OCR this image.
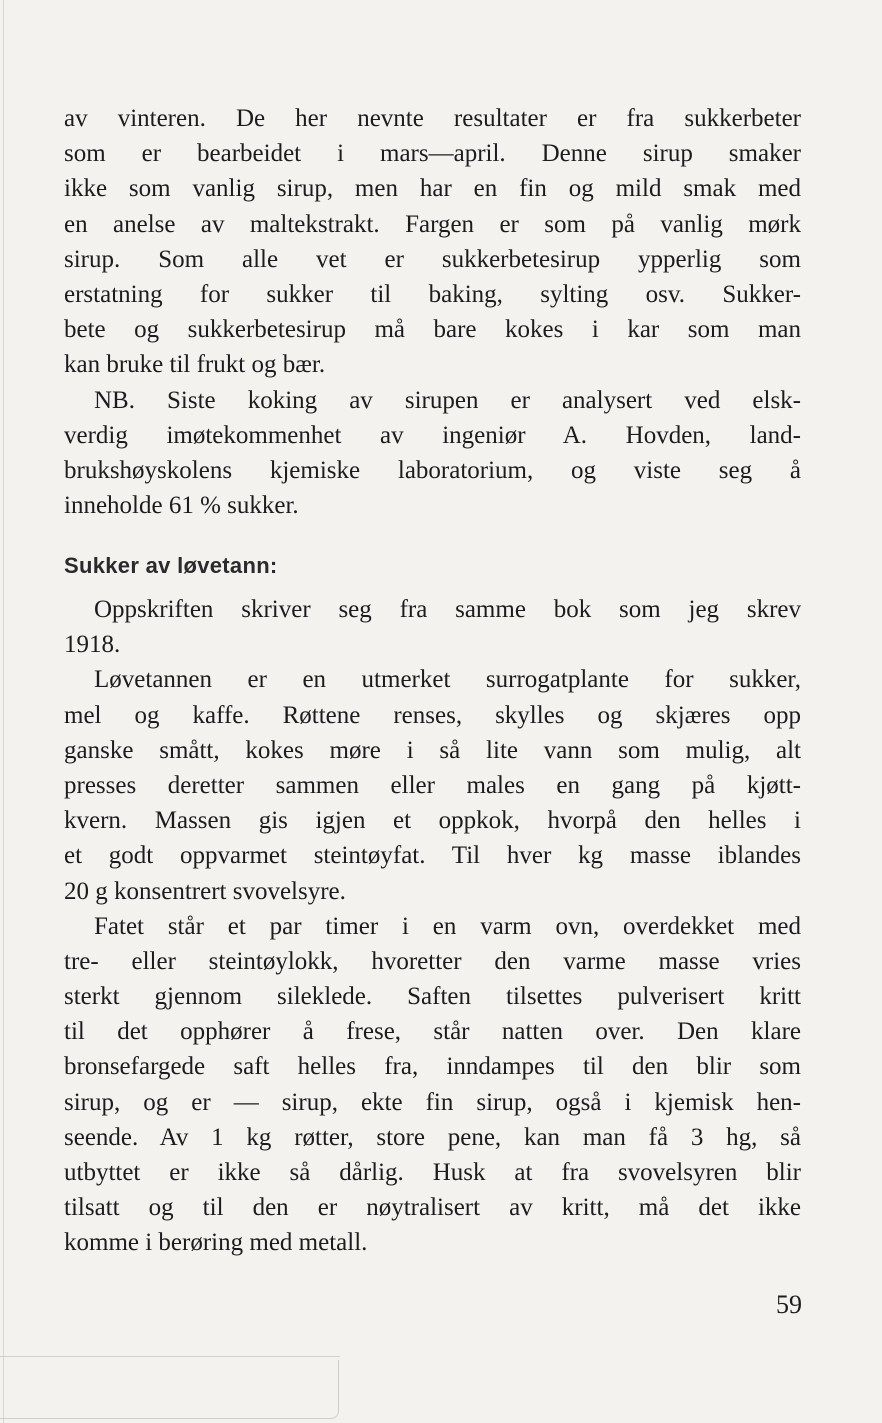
av vinteren. De her nevnte resultater er fra sukkerbeter
som er bearbeidet i mars—april. Denne sirup smaker
ikke som vanlig sirup, men har en fin og mild smak med
en anelse av maltekstrakt. Fargen er som på vanlig mørk
sirup. Som alle vet er sukkerbetesirup ypperlig som
erstatning for sukker til baking, sylting osv. Sukker-
bete og sukkerbetesirup må bare kokes i kar som man
kan bruke til frukt og bær.
NB. Siste koking av sirupen er analysert ved elsk-
verdig imøtekommenhet av ingeniør A. Hovden, land-
brukshøyskolens kjemiske laboratorium, og viste seg å
inneholde 61 % sukker.
Sukker av løvetann:
Oppskriften skriver seg fra samme bok som jeg skrev
1918.
Løvetannen er en utmerket surrogatplante for sukker,
mel og kaffe. Røttene renses, skylles og skjæres opp
ganske smått, kokes møre i så lite vann som mulig, alt
presses deretter sammen eller males en gang på kjøtt-
kvern. Massen gis igjen et oppkok, hvorpå den helles i
et godt oppvarmet steintøyfat. Til hver kg masse iblandes
20 g konsentrert svovelsyre.
Fatet står et par timer i en varm ovn, overdekket med
tre- eller steintøylokk, hvoretter den varme masse vries
sterkt gjennom sileklede. Saften tilsettes pulverisert kritt
til det opphører å frese, står natten over. Den klare
bronsefargede saft helles fra, inndampes til den blir som
sirup, og er — sirup, ekte fin sirup, også i kjemisk hen-
seende. Av 1 kg røtter, store pene, kan man få 3 hg, så
utbyttet er ikke så dårlig. Husk at fra svovelsyren blir
tilsatt og til den er nøytralisert av kritt, må det ikke
komme i berøring med metall.
59
